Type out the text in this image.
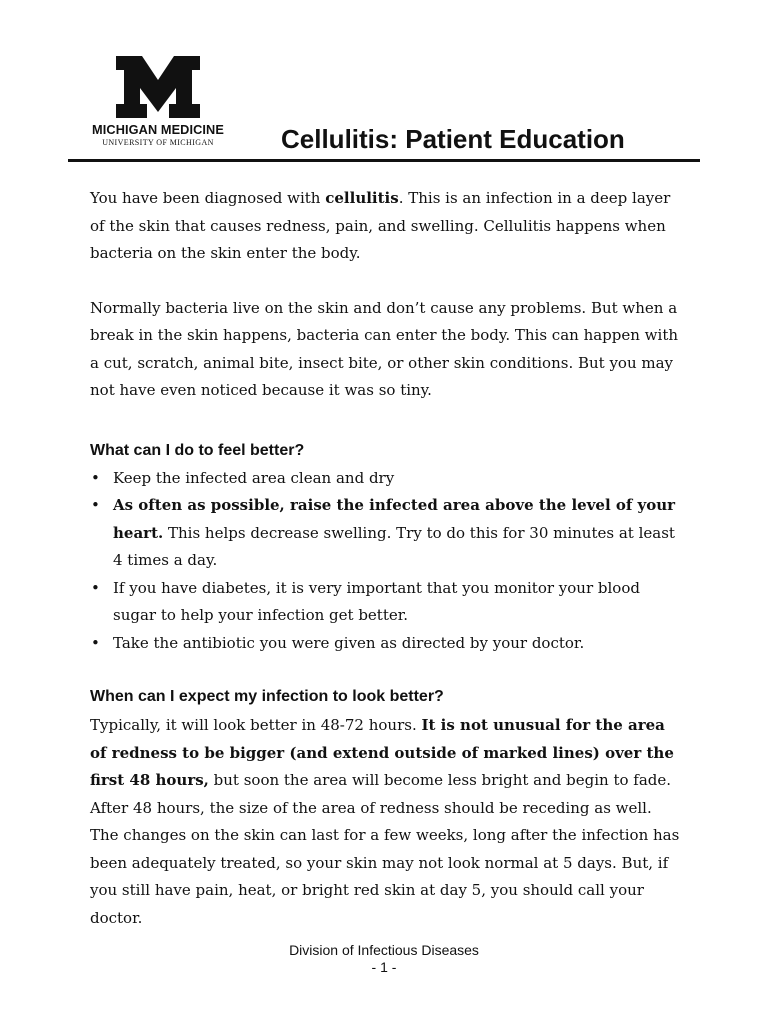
MICHIGAN MEDICINE
UNIVERSITY OF MICHIGAN	Cellulitis: Patient Education

You have been diagnosed with cellulitis. This is an infection in a deep layer of the skin that causes redness, pain, and swelling. Cellulitis happens when bacteria on the skin enter the body.

Normally bacteria live on the skin and don’t cause any problems. But when a break in the skin happens, bacteria can enter the body. This can happen with a cut, scratch, animal bite, insect bite, or other skin conditions. But you may not have even noticed because it was so tiny.

What can I do to feel better?
• Keep the infected area clean and dry
• As often as possible, raise the infected area above the level of your heart. This helps decrease swelling. Try to do this for 30 minutes at least 4 times a day.
• If you have diabetes, it is very important that you monitor your blood sugar to help your infection get better.
• Take the antibiotic you were given as directed by your doctor.
When can I expect my infection to look better?

Typically, it will look better in 48-72 hours. It is not unusual for the area of redness to be bigger (and extend outside of marked lines) over the first 48 hours, but soon the area will become less bright and begin to fade. After 48 hours, the size of the area of redness should be receding as well. The changes on the skin can last for a few weeks, long after the infection has been adequately treated, so your skin may not look normal at 5 days. But, if you still have pain, heat, or bright red skin at day 5, you should call your doctor.

Division of Infectious Diseases
- 1 -
